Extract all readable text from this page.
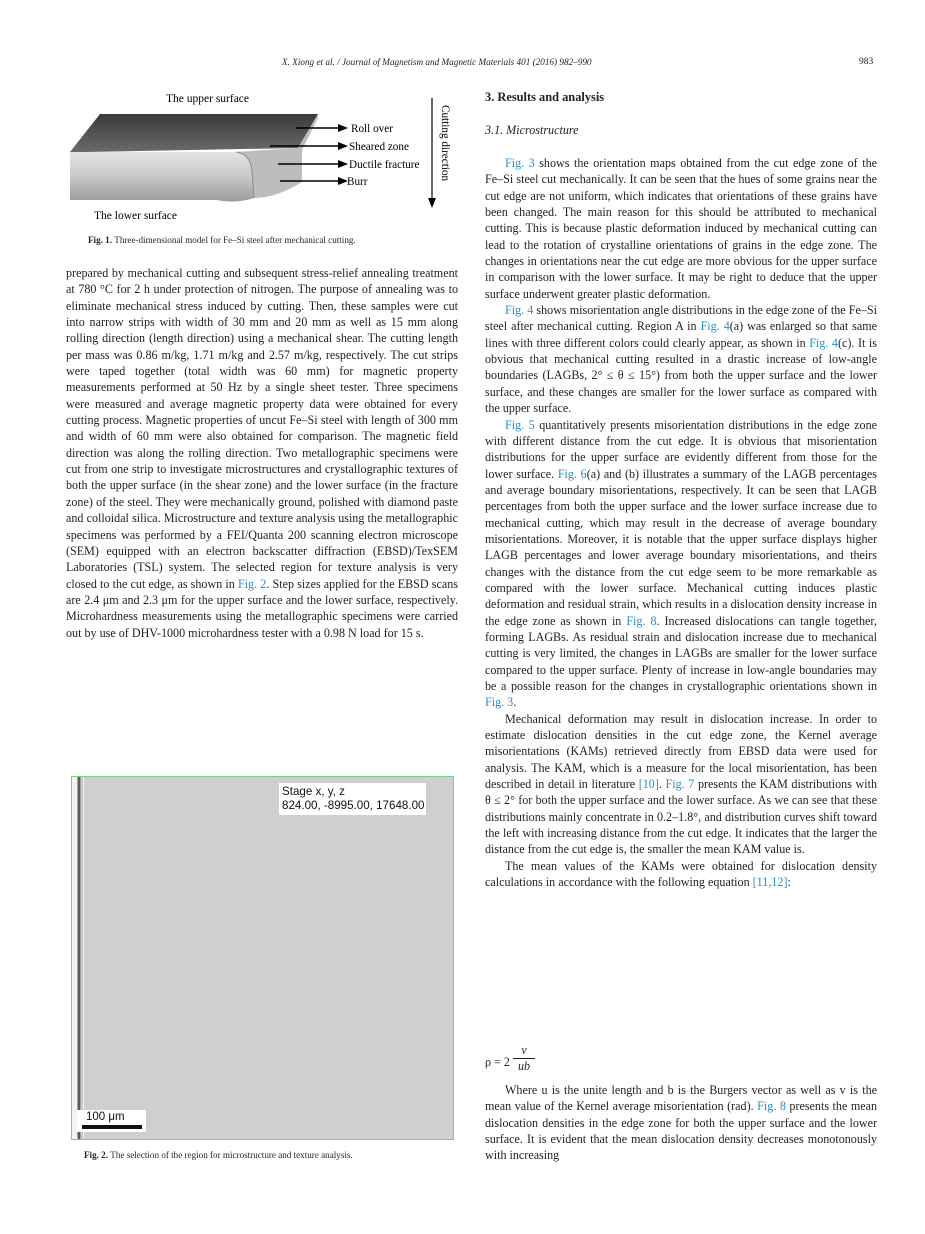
X. Xiong et al. / Journal of Magnetism and Magnetic Materials 401 (2016) 982–990	983
The upper surface
The lower surface
Roll over
Sheared zone
Ductile fracture
Burr
Cutting direction
Fig. 1. Three-dimensional model for Fe–Si steel after mechanical cutting.

prepared by mechanical cutting and subsequent stress-relief annealing treatment at 780 °C for 2 h under protection of nitrogen. The purpose of annealing was to eliminate mechanical stress induced by cutting. Then, these samples were cut into narrow strips with width of 30 mm and 20 mm as well as 15 mm along rolling direction (length direction) using a mechanical shear. The cutting length per mass was 0.86 m/kg, 1.71 m/kg and 2.57 m/kg, respectively. The cut strips were taped together (total width was 60 mm) for magnetic property measurements performed at 50 Hz by a single sheet tester. Three specimens were measured and average magnetic property data were obtained for every cutting process. Magnetic properties of uncut Fe–Si steel with length of 300 mm and width of 60 mm were also obtained for comparison. The magnetic field direction was along the rolling direction. Two metallographic specimens were cut from one strip to investigate microstructures and crystallographic textures of both the upper surface (in the shear zone) and the lower surface (in the fracture zone) of the steel. They were mechanically ground, polished with diamond paste and colloidal silica. Microstructure and texture analysis using the metallographic specimens was performed by a FEI/Quanta 200 scanning electron microscope (SEM) equipped with an electron backscatter diffraction (EBSD)/TexSEM Laboratories (TSL) system. The selected region for texture analysis is very closed to the cut edge, as shown in Fig. 2. Step sizes applied for the EBSD scans are 2.4 μm and 2.3 μm for the upper surface and the lower surface, respectively. Microhardness measurements using the metallographic specimens were carried out by use of DHV-1000 microhardness tester with a 0.98 N load for 15 s.

Stage x, y, z
824.00, -8995.00, 17648.00
100 μm
Fig. 2. The selection of the region for microstructure and texture analysis.
3. Results and analysis
3.1. Microstructure

Fig. 3 shows the orientation maps obtained from the cut edge zone of the Fe–Si steel cut mechanically. It can be seen that the hues of some grains near the cut edge are not uniform, which indicates that orientations of these grains have been changed. The main reason for this should be attributed to mechanical cutting. This is because plastic deformation induced by mechanical cutting can lead to the rotation of crystalline orientations of grains in the edge zone. The changes in orientations near the cut edge are more obvious for the upper surface in comparison with the lower surface. It may be right to deduce that the upper surface underwent greater plastic deformation.

Fig. 4 shows misorientation angle distributions in the edge zone of the Fe–Si steel after mechanical cutting. Region A in Fig. 4(a) was enlarged so that same lines with three different colors could clearly appear, as shown in Fig. 4(c). It is obvious that mechanical cutting resulted in a drastic increase of low-angle boundaries (LAGBs, 2° ≤ θ ≤ 15°) from both the upper surface and the lower surface, and these changes are smaller for the lower surface as compared with the upper surface.

Fig. 5 quantitatively presents misorientation distributions in the edge zone with different distance from the cut edge. It is obvious that misorientation distributions for the upper surface are evidently different from those for the lower surface. Fig. 6(a) and (b) illustrates a summary of the LAGB percentages and average boundary misorientations, respectively. It can be seen that LAGB percentages from both the upper surface and the lower surface increase due to mechanical cutting, which may result in the decrease of average boundary misorientations. Moreover, it is notable that the upper surface displays higher LAGB percentages and lower average boundary misorientations, and theirs changes with the distance from the cut edge seem to be more remarkable as compared with the lower surface. Mechanical cutting induces plastic deformation and residual strain, which results in a dislocation density increase in the edge zone as shown in Fig. 8. Increased dislocations can tangle together, forming LAGBs. As residual strain and dislocation increase due to mechanical cutting is very limited, the changes in LAGBs are smaller for the lower surface compared to the upper surface. Plenty of increase in low-angle boundaries may be a possible reason for the changes in crystallographic orientations shown in Fig. 3.

Mechanical deformation may result in dislocation increase. In order to estimate dislocation densities in the cut edge zone, the Kernel average misorientations (KAMs) retrieved directly from EBSD data were used for analysis. The KAM, which is a measure for the local misorientation, has been described in detail in literature [10]. Fig. 7 presents the KAM distributions with θ ≤ 2° for both the upper surface and the lower surface. As we can see that these distributions mainly concentrate in 0.2–1.8°, and distribution curves shift toward the left with increasing distance from the cut edge. It indicates that the larger the distance from the cut edge is, the smaller the mean KAM value is.

The mean values of the KAMs were obtained for dislocation density calculations in accordance with the following equation [11,12]:

$\rho = 2 \frac{v}{ub}$

Where u is the unite length and b is the Burgers vector as well as v is the mean value of the Kernel average misorientation (rad). Fig. 8 presents the mean dislocation densities in the edge zone for both the upper surface and the lower surface. It is evident that the mean dislocation density decreases monotonously with increasing
